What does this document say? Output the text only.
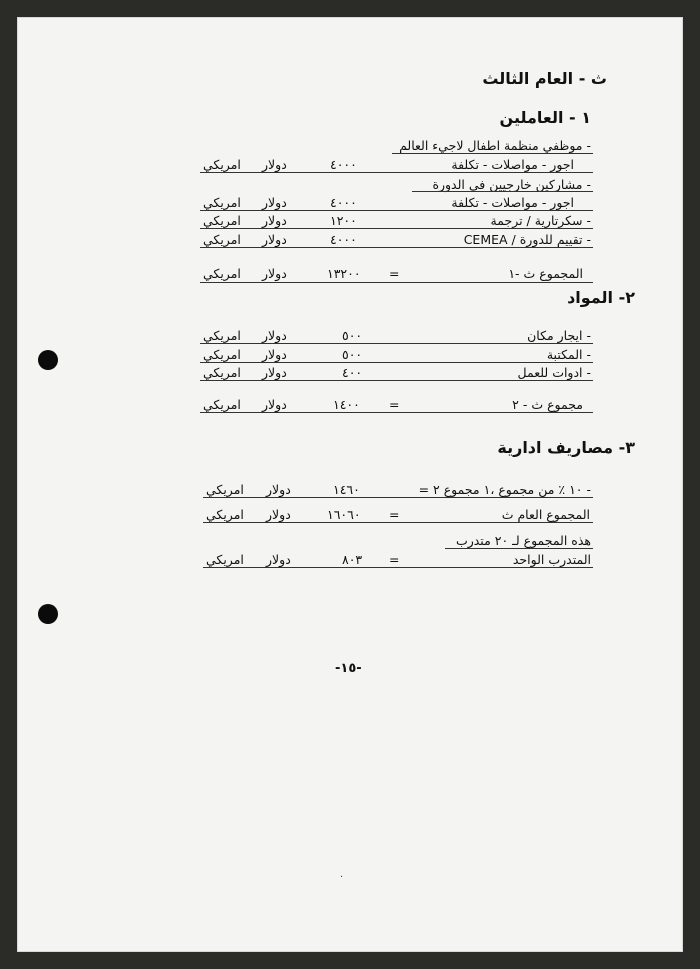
ث - العام الثالث
١ - العاملين
- موظفي منظمة اطفال لاجيء العالم
اجور - مواصلات - تكلفة
٤٠٠٠
دولار
امريكي
- مشاركين خارجيين في الدورة
اجور - مواصلات - تكلفة
٤٠٠٠
دولار
امريكي
- سكرتارية / ترجمة
١٢٠٠
دولار
امريكي
- تقييم للدورة / CEMEA
٤٠٠٠
دولار
امريكي
المجموع ث -١
=
١٣٢٠٠
دولار
امريكي
٢- المواد
- ايجار مكان
٥٠٠
دولار
امريكي
- المكتبة
٥٠٠
دولار
امريكي
- ادوات للعمل
٤٠٠
دولار
امريكي
مجموع ث - ٢
=
١٤٠٠
دولار
امريكي
٣- مصاريف ادارية
- ١٠ ٪ من مجموع ،١ مجموع ٢ =
١٤٦٠
دولار
امريكي
المجموع العام ث
=
١٦٠٦٠
دولار
امريكي
هذه المجموع لـ ٢٠ متدرب
المتدرب الواحد
=
٨٠٣
دولار
امريكي
-١٥-
·
